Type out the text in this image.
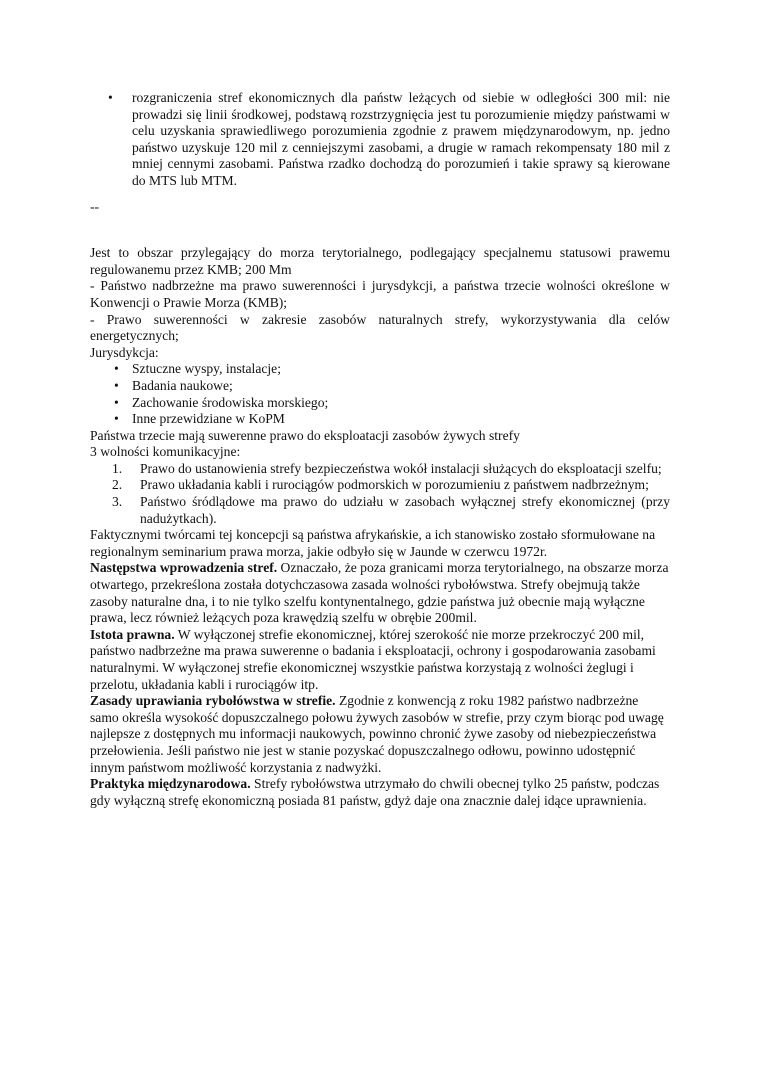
• rozgraniczenia stref ekonomicznych dla państw leżących od siebie w odległości 300 mil: nie prowadzi się linii środkowej, podstawą rozstrzygnięcia jest tu porozumienie między państwami w celu uzyskania sprawiedliwego porozumienia zgodnie z prawem międzynarodowym, np. jedno państwo uzyskuje 120 mil z cenniejszymi zasobami, a drugie w ramach rekompensaty 180 mil z mniej cennymi zasobami. Państwa rzadko dochodzą do porozumień i takie sprawy są kierowane do MTS lub MTM.
--

Jest to obszar przylegający do morza terytorialnego, podlegający specjalnemu statusowi prawemu regulowanemu przez KMB; 200 Mm

- Państwo nadbrzeżne ma prawo suwerenności i jurysdykcji, a państwa trzecie wolności określone w Konwencji o Prawie Morza (KMB);

- Prawo suwerenności w zakresie zasobów naturalnych strefy, wykorzystywania dla celów energetycznych;

Jurysdykcja:

• Sztuczne wyspy, instalacje;
• Badania naukowe;
• Zachowanie środowiska morskiego;
• Inne przewidziane w KoPM

Państwa trzecie mają suwerenne prawo do eksploatacji zasobów żywych strefy

3 wolności komunikacyjne:

1. Prawo do ustanowienia strefy bezpieczeństwa wokół instalacji służących do eksploatacji szelfu;
2. Prawo układania kabli i rurociągów podmorskich w porozumieniu z państwem nadbrzeżnym;
3. Państwo śródlądowe ma prawo do udziału w zasobach wyłącznej strefy ekonomicznej (przy nadużytkach).

Faktycznymi twórcami tej koncepcji są państwa afrykańskie, a ich stanowisko zostało sformułowane na regionalnym seminarium prawa morza, jakie odbyło się w Jaunde w czerwcu 1972r.

Następstwa wprowadzenia stref. Oznaczało, że poza granicami morza terytorialnego, na obszarze morza otwartego, przekreślona została dotychczasowa zasada wolności rybołówstwa. Strefy obejmują także zasoby naturalne dna, i to nie tylko szelfu kontynentalnego, gdzie państwa już obecnie mają wyłączne prawa, lecz również leżących poza krawędzią szelfu w obrębie 200mil.

Istota prawna. W wyłączonej strefie ekonomicznej, której szerokość nie morze przekroczyć 200 mil, państwo nadbrzeżne ma prawa suwerenne o badania i eksploatacji, ochrony i gospodarowania zasobami naturalnymi. W wyłączonej strefie ekonomicznej wszystkie państwa korzystają z wolności żeglugi i przelotu, układania kabli i rurociągów itp.

Zasady uprawiania rybołówstwa w strefie. Zgodnie z konwencją z roku 1982 państwo nadbrzeżne samo określa wysokość dopuszczalnego połowu żywych zasobów w strefie, przy czym biorąc pod uwagę najlepsze z dostępnych mu informacji naukowych, powinno chronić żywe zasoby od niebezpieczeństwa przełowienia. Jeśli państwo nie jest w stanie pozyskać dopuszczalnego odłowu, powinno udostępnić innym państwom możliwość korzystania z nadwyżki.

Praktyka międzynarodowa. Strefy rybołówstwa utrzymało do chwili obecnej tylko 25 państw, podczas gdy wyłączną strefę ekonomiczną posiada 81 państw, gdyż daje ona znacznie dalej idące uprawnienia.
